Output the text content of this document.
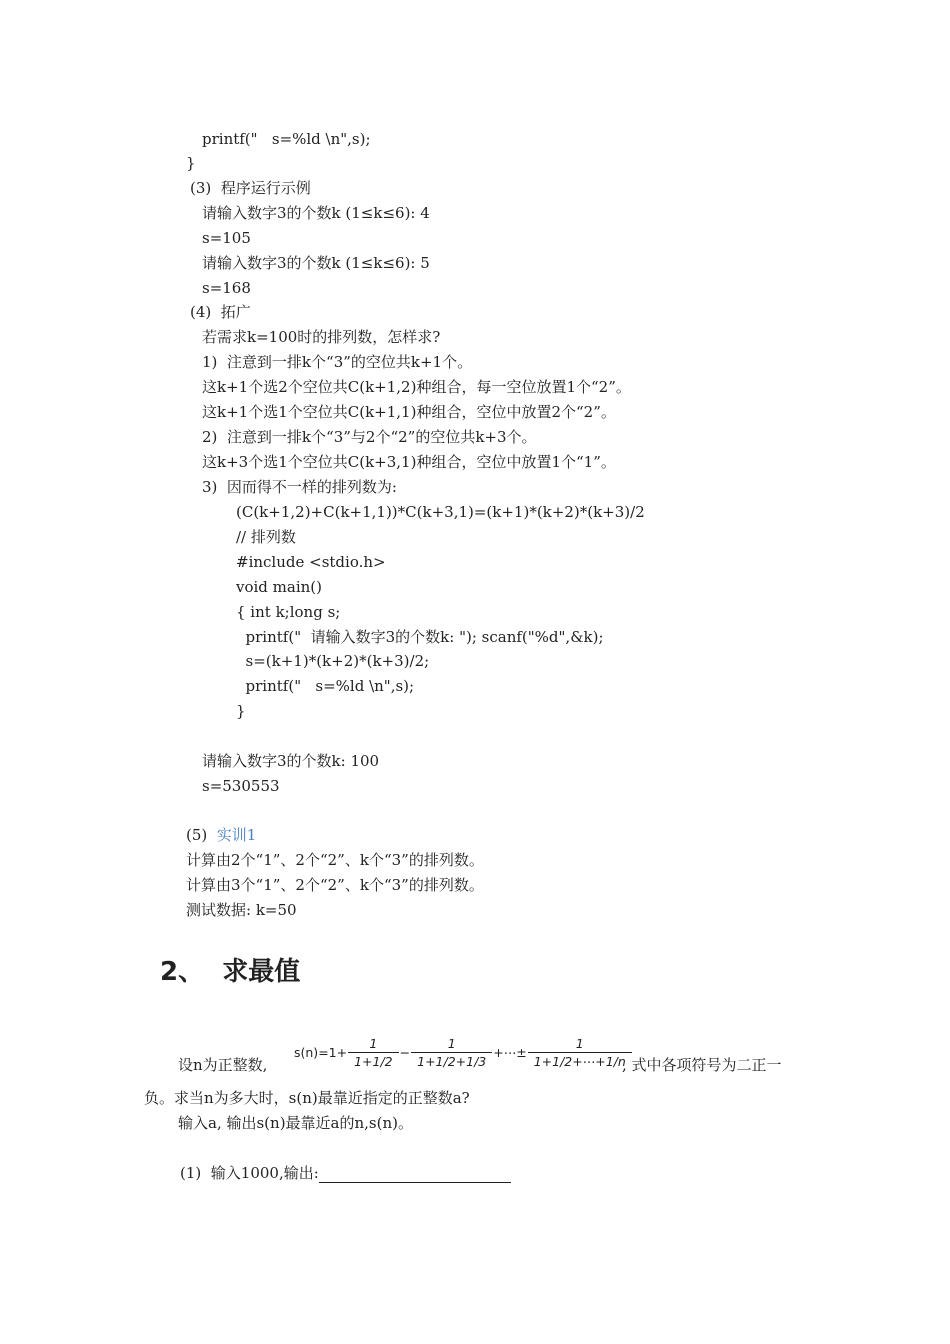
printf("   s=%ld \n",s);
}
(3)  程序运行示例
请输入数字3的个数k (1≤k≤6): 4
s=105
请输入数字3的个数k (1≤k≤6): 5
s=168
(4)  拓广
若需求k=100时的排列数，怎样求?
1)  注意到一排k个“3”的空位共k+1个。
这k+1个选2个空位共C(k+1,2)种组合，每一空位放置1个“2”。
这k+1个选1个空位共C(k+1,1)种组合，空位中放置2个“2”。
2)  注意到一排k个“3”与2个“2”的空位共k+3个。
这k+3个选1个空位共C(k+3,1)种组合，空位中放置1个“1”。
3)  因而得不一样的排列数为:
(C(k+1,2)+C(k+1,1))*C(k+3,1)=(k+1)*(k+2)*(k+3)/2
// 排列数
#include <stdio.h>
void main()
{ int k;long s;
printf("  请输入数字3的个数k: "); scanf("%d",&k);
s=(k+1)*(k+2)*(k+3)/2;
printf("   s=%ld \n",s);
}
请输入数字3的个数k: 100
s=530553
(5) 实训1
计算由2个“1”、2个“2”、k个“3”的排列数。
计算由3个“1”、2个“2”、k个“3”的排列数。
测试数据: k=50
2、  求最值
设n为正整数,
$s(n)=1+ \frac{1}{1+1/2} - \frac{1}{1+1/2+1/3}$ +⋯± $\frac{1}{1+1/2+\cdots+1/n}$
, 式中各项符号为二正一
负。求当n为多大时，s(n)最靠近指定的正整数a?
输入a, 输出s(n)最靠近a的n,s(n)。
(1)  输入1000,输出:
